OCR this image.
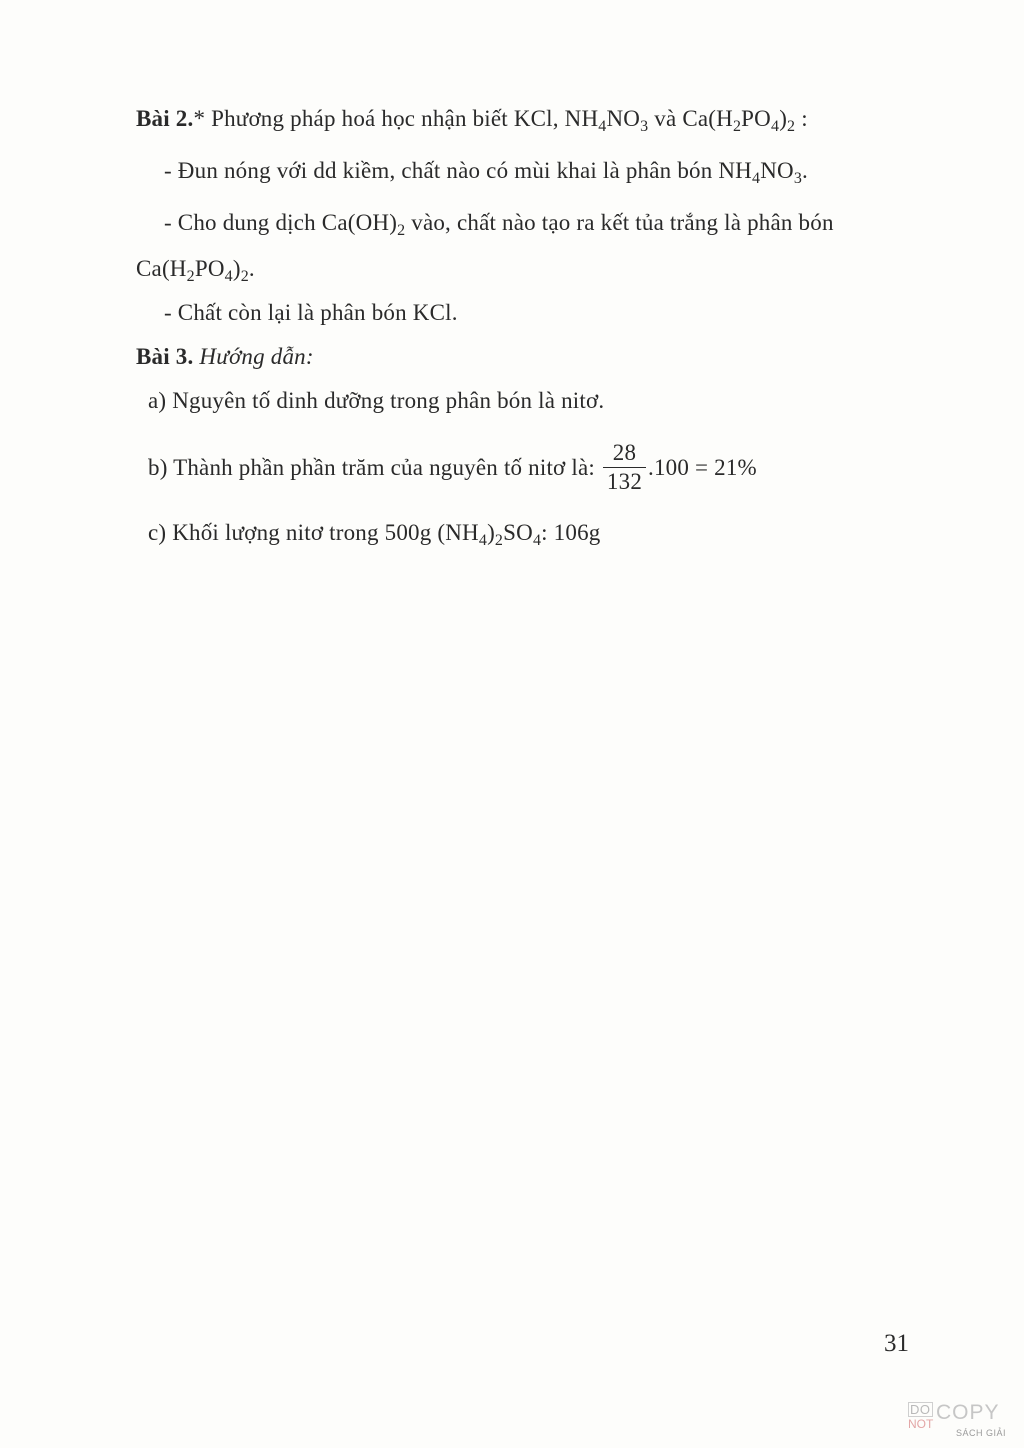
Bài 2.* Phương pháp hoá học nhận biết KCl, $NH_4NO_3$ và $Ca(H_2PO_4)_2$ :
- Đun nóng với dd kiềm, chất nào có mùi khai là phân bón $NH_4NO_3$.
- Cho dung dịch $Ca(OH)_2$ vào, chất nào tạo ra kết tủa trắng là phân bón
$Ca(H_2PO_4)_2$.
- Chất còn lại là phân bón KCl.
Bài 3. Hướng dẫn:
a) Nguyên tố dinh dưỡng trong phân bón là nitơ.
b) Thành phần phần trăm của nguyên tố nitơ là: $\frac{28}{132} .100 = 21\%$
c) Khối lượng nitơ trong 500g $(NH_4)_2SO_4$: 106g
31
DO
NOT COPY
SÁCH GIẢI
